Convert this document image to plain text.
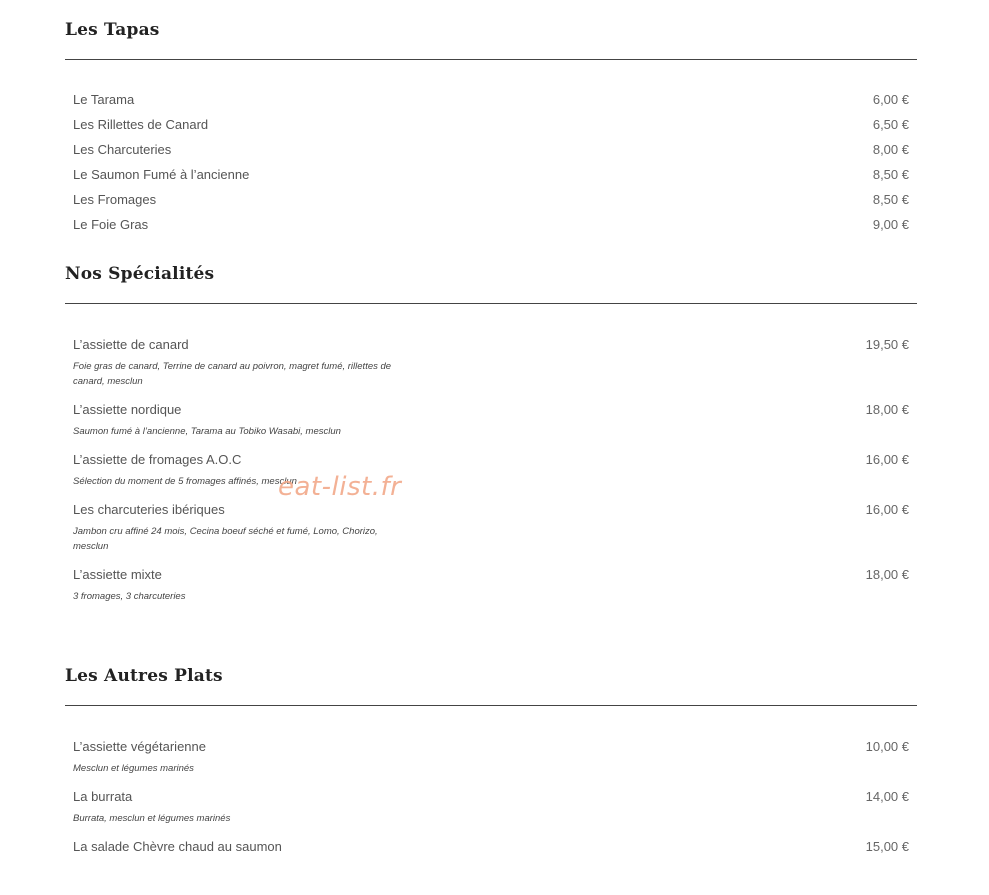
Les Tapas
Le Tarama	6,00 €
Les Rillettes de Canard	6,50 €
Les Charcuteries	8,00 €
Le Saumon Fumé à l’ancienne	8,50 €
Les Fromages	8,50 €
Le Foie Gras	9,00 €
Nos Spécialités
L’assiette de canard	19,50 €
Foie gras de canard, Terrine de canard au poivron, magret fumé, rillettes de canard, mesclun
L’assiette nordique	18,00 €
Saumon fumé à l’ancienne, Tarama au Tobiko Wasabi, mesclun
L’assiette de fromages A.O.C	16,00 €
Sélection du moment de 5 fromages affinés, mesclun
Les charcuteries ibériques	16,00 €
Jambon cru affiné 24 mois, Cecina boeuf séché et fumé, Lomo, Chorizo, mesclun
L’assiette mixte	18,00 €
3 fromages, 3 charcuteries
Les Autres Plats
L’assiette végétarienne	10,00 €
Mesclun et légumes marinés
La burrata	14,00 €
Burrata, mesclun et légumes marinés
La salade Chèvre chaud au saumon	15,00 €
eat-list.fr
